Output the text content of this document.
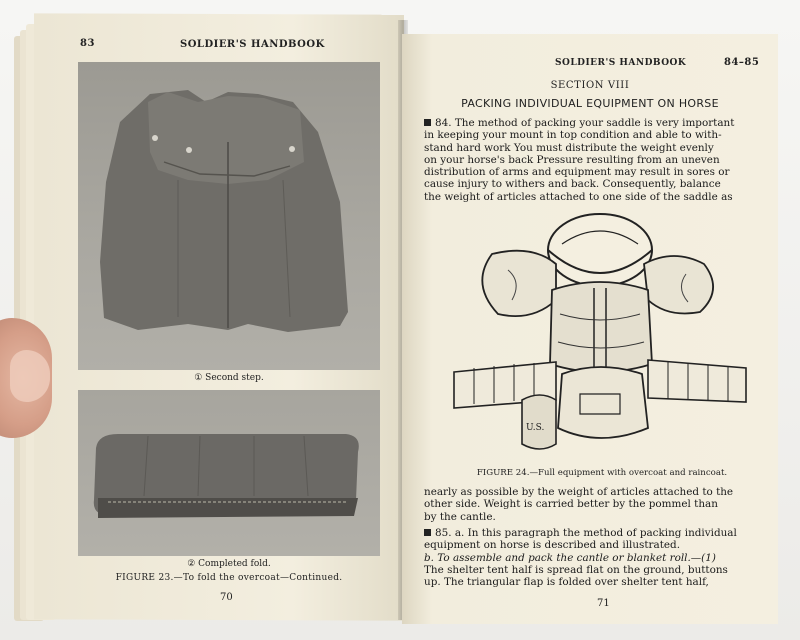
83	SOLDIER'S HANDBOOK
① Second step.
② Completed fold.
FIGURE 23.—To fold the overcoat—Continued.
70
SOLDIER'S HANDBOOK	84–85
SECTION VIII
PACKING INDIVIDUAL EQUIPMENT ON HORSE
84. The method of packing your saddle is very important
in keeping your mount in top condition and able to with-
stand hard work You must distribute the weight evenly
on your horse's back Pressure resulting from an uneven
distribution of arms and equipment may result in sores or
cause injury to withers and back. Consequently, balance
the weight of articles attached to one side of the saddle as
U.S.
FIGURE 24.—Full equipment with overcoat and raincoat.
nearly as possible by the weight of articles attached to the
other side. Weight is carried better by the pommel than
by the cantle.
85. a. In this paragraph the method of packing individual
equipment on horse is described and illustrated.
b. To assemble and pack the cantle or blanket roll.—(1)
The shelter tent half is spread flat on the ground, buttons
up. The triangular flap is folded over shelter tent half,
71
